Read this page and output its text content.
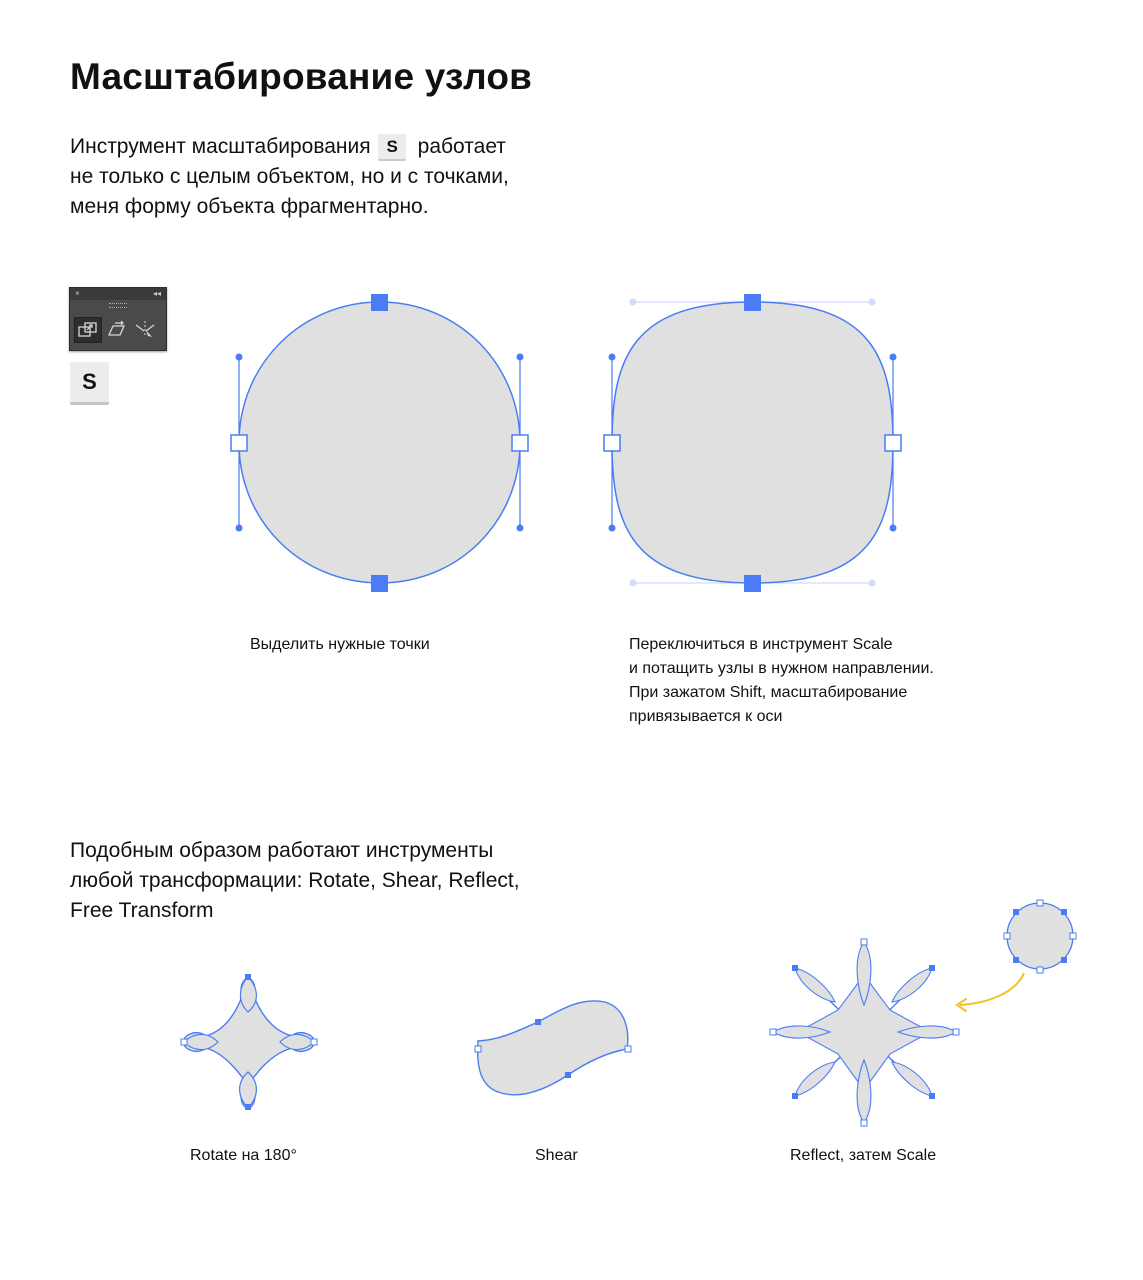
Масштабирование узлов
Инструмент масштабирования S работает
не только с целым объектом, но и с точками,
меня форму объекта фрагментарно.
×	◂◂
S
Выделить нужные точки	Переключиться в инструмент Scale
и потащить узлы в нужном направлении.
При зажатом Shift, масштабирование
привязывается к оси
Подобным образом работают инструменты
любой трансформации: Rotate, Shear, Reflect,
Free Transform
Rotate на 180°	Shear	Reflect, затем Scale
